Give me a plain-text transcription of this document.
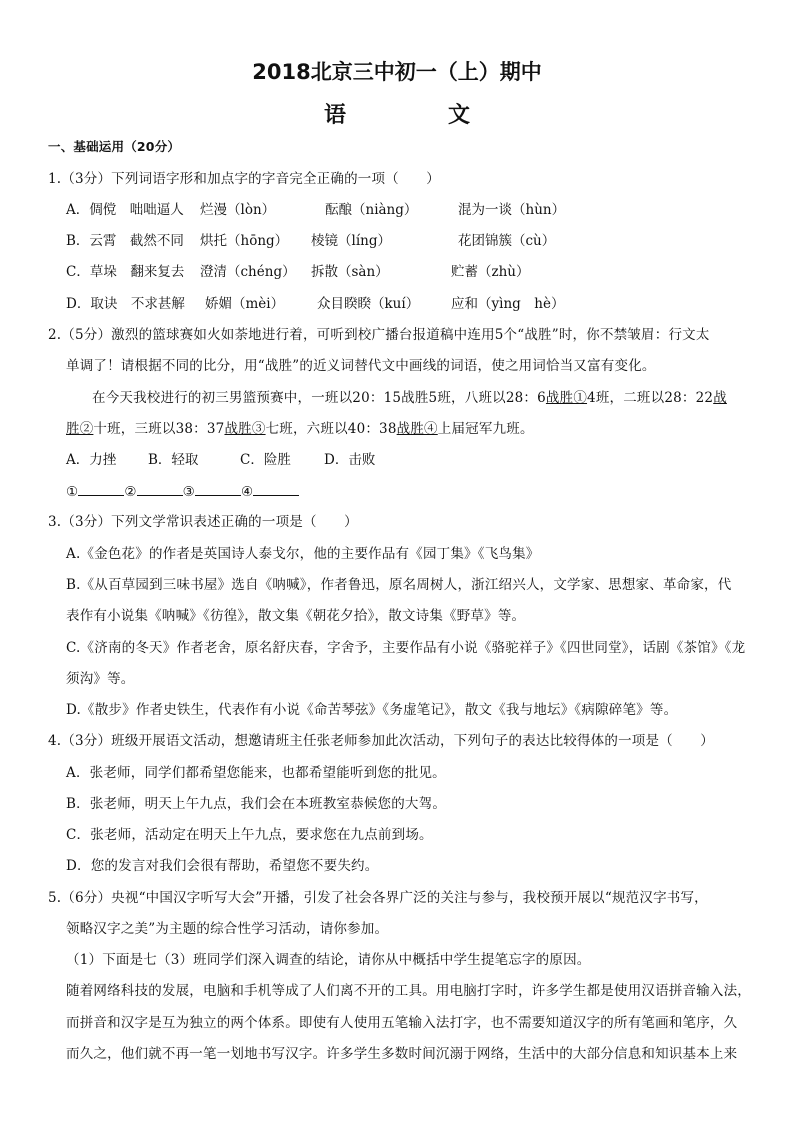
2018北京三中初一（上）期中
语　文
一、基础运用（20分）
1.（3分）下列词语字形和加点字的字音完全正确的一项（　　）
A．倜傥　咄咄逼人 烂漫（lòn）	酝酿（niàng）	混为一谈（hùn）
B．云霄　截然不同 烘托（hōng） 棱镜（líng）	花团锦簇（cù）
C．草垛　翻来复去 澄清（chéng） 拆散（sàn）	贮蓄（zhù）
D．取诀　不求甚解 娇媚（mèi） 众目睽睽（kuí） 应和（yìng　hè）
2.（5分）激烈的篮球赛如火如荼地进行着，可听到校广播台报道稿中连用5个“战胜”时，你不禁皱眉：行文太
单调了！请根据不同的比分，用“战胜”的近义词替代文中画线的词语，使之用词恰当又富有变化。
在今天我校进行的初三男篮预赛中，一班以20：15战胜5班，八班以28：6战胜①4班，二班以28：22战
胜②十班，三班以38：37战胜③七班，六班以40：38战胜④上届冠军九班。
A．力挫 B．轻取	C．险胜 D．击败
①	②	③	④
3.（3分）下列文学常识表述正确的一项是（　　）
A.《金色花》的作者是英国诗人泰戈尔，他的主要作品有《园丁集》《飞鸟集》
B.《从百草园到三味书屋》选自《呐喊》，作者鲁迅，原名周树人，浙江绍兴人，文学家、思想家、革命家，代
表作有小说集《呐喊》《彷徨》，散文集《朝花夕拾》，散文诗集《野草》等。
C.《济南的冬天》作者老舍，原名舒庆春，字舍予，主要作品有小说《骆驼祥子》《四世同堂》，话剧《茶馆》《龙
须沟》等。
D.《散步》作者史铁生，代表作有小说《命苦琴弦》《务虚笔记》，散文《我与地坛》《病隙碎笔》等。
4.（3分）班级开展语文活动，想邀请班主任张老师参加此次活动，下列句子的表达比较得体的一项是（　　）
A．张老师，同学们都希望您能来，也都希望能听到您的批见。
B．张老师，明天上午九点，我们会在本班教室恭候您的大驾。
C．张老师，活动定在明天上午九点，要求您在九点前到场。
D．您的发言对我们会很有帮助，希望您不要失约。
5.（6分）央视“中国汉字听写大会”开播，引发了社会各界广泛的关注与参与，我校预开展以“规范汉字书写，
领略汉字之美”为主题的综合性学习活动，请你参加。
（1）下面是七（3）班同学们深入调查的结论，请你从中概括中学生提笔忘字的原因。
随着网络科技的发展，电脑和手机等成了人们离不开的工具。用电脑打字时，许多学生都是使用汉语拼音输入法，
而拼音和汉字是互为独立的两个体系。即使有人使用五笔输入法打字，也不需要知道汉字的所有笔画和笔序，久
而久之，他们就不再一笔一划地书写汉字。许多学生多数时间沉溺于网络，生活中的大部分信息和知识基本上来
